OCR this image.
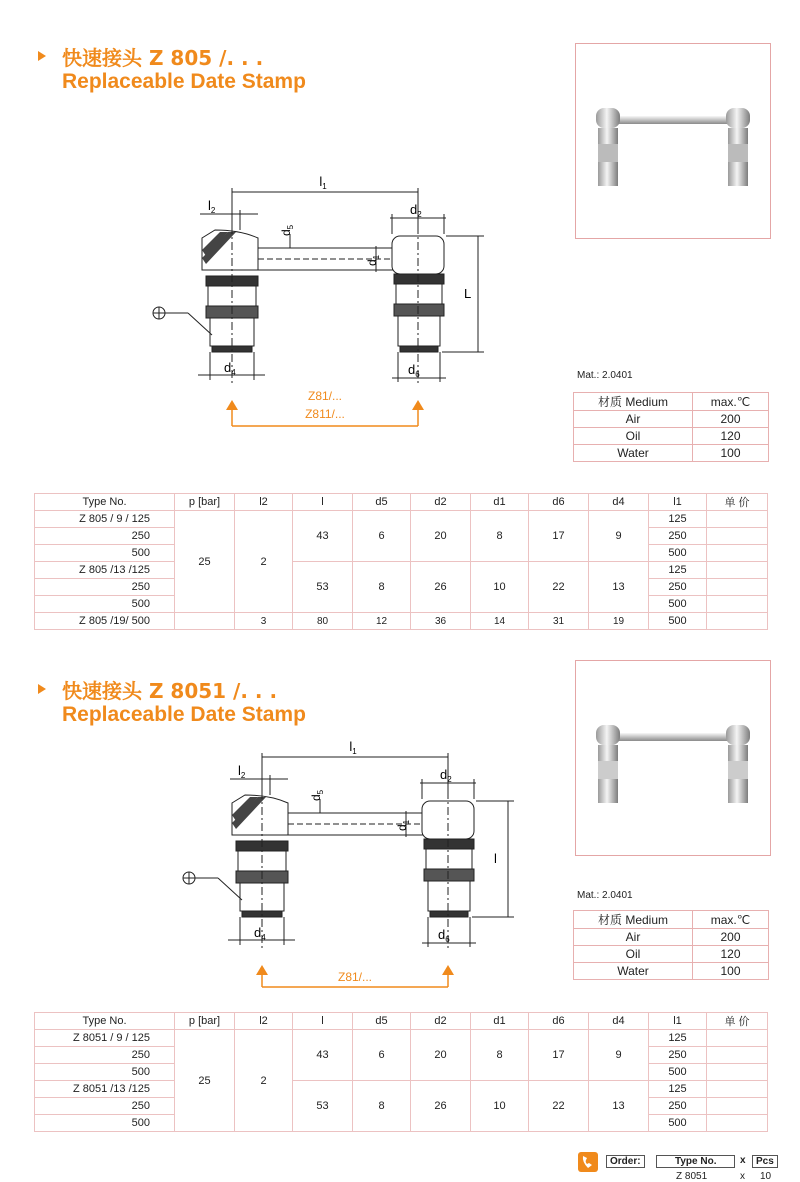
快速接头 Z 805 /. . .
Replaceable Date Stamp
$l_1$
$l_2$	$d_2$
$d_5$
$d_1$
L
$d_4$	$d_6$
Z81/...
Z811/...
Mat.: 2.0401
材质 Medium	max.℃
Air	200
Oil	120
Water	100
Type No.	p [bar]	l2	l	d5	d2	d1	d6	d4	l1	单 价
Z 805 / 9 / 125	25	2	43	6	20	8	17	9	125	
250									250	
500									500	
Z 805 /13 /125			53	8	26	10	22	13	125	
250									250	
500									500	
Z 805 /19/ 500		3	80	12	36	14	31	19	500	
快速接头 Z 8051 /. . .
Replaceable Date Stamp
$l_1$
$l_2$	$d_2$
$d_5$
$d_1$
l
$d_4$	$d_6$
Z81/...
Mat.: 2.0401
材质 Medium	max.℃
Air	200
Oil	120
Water	100
Type No.	p [bar]	l2	l	d5	d2	d1	d6	d4	l1	单 价
Z 8051 / 9 / 125	25	2	43	6	20	8	17	9	125	
250									250	
500									500	
Z 8051 /13 /125			53	8	26	10	22	13	125	
250									250	
500									500	
Order:	Type No.	x	Pcs
Z 8051	x 10
